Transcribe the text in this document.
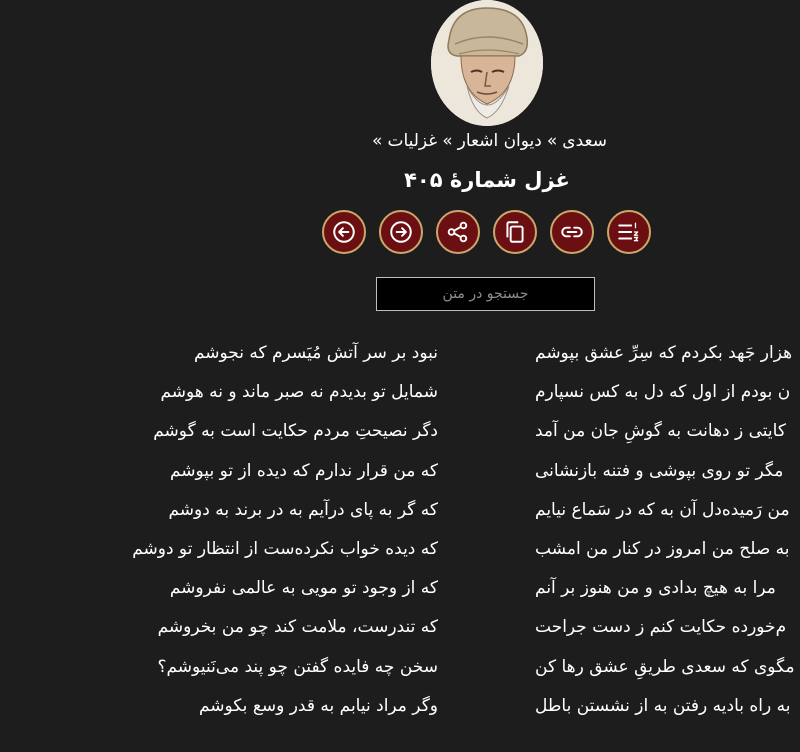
سعدی»دیوان اشعار»غزلیات»
غزل شمارهٔ ۴۰۵
جستجو در متن
هزار جَهد بکردم که سِرِّ عشق بپوشم
نبود بر سر آتش مُیَسرم که نجوشم
ن بودم از اول که دل به کس نسپارم
شمایل تو بدیدم نه صبر ماند و نه هوشم
کایتی ز دهانت به گوشِ جان من آمد
دگر نصیحتِ مردم حکایت است به گوشم
مگر تو روی بپوشی و فتنه بازنشانی
که من قرار ندارم که دیده از تو بپوشم
من رَمیده‌دل آن به که در سَماع نیایم
که گر به پای درآیم به در برند به دوشم
به صلح من امروز در کنار من امشب
که دیده خواب نکرده‌ست از انتظار تو دوشم
مرا به هیچ بدادی و من هنوز بر آنم
که از وجود تو مویی به عالمی نفروشم
م‌خورده حکایت کنم ز دست جراحت
که تندرست، ملامت کند چو من بخروشم
مگوی که سعدی طریقِ عشق رها کن
سخن چه فایده گفتن چو پند می‌نَنیوشم؟
به راه بادیه رفتن به از نشستن باطل
وگر مراد نیابم به قدر وسع بکوشم
